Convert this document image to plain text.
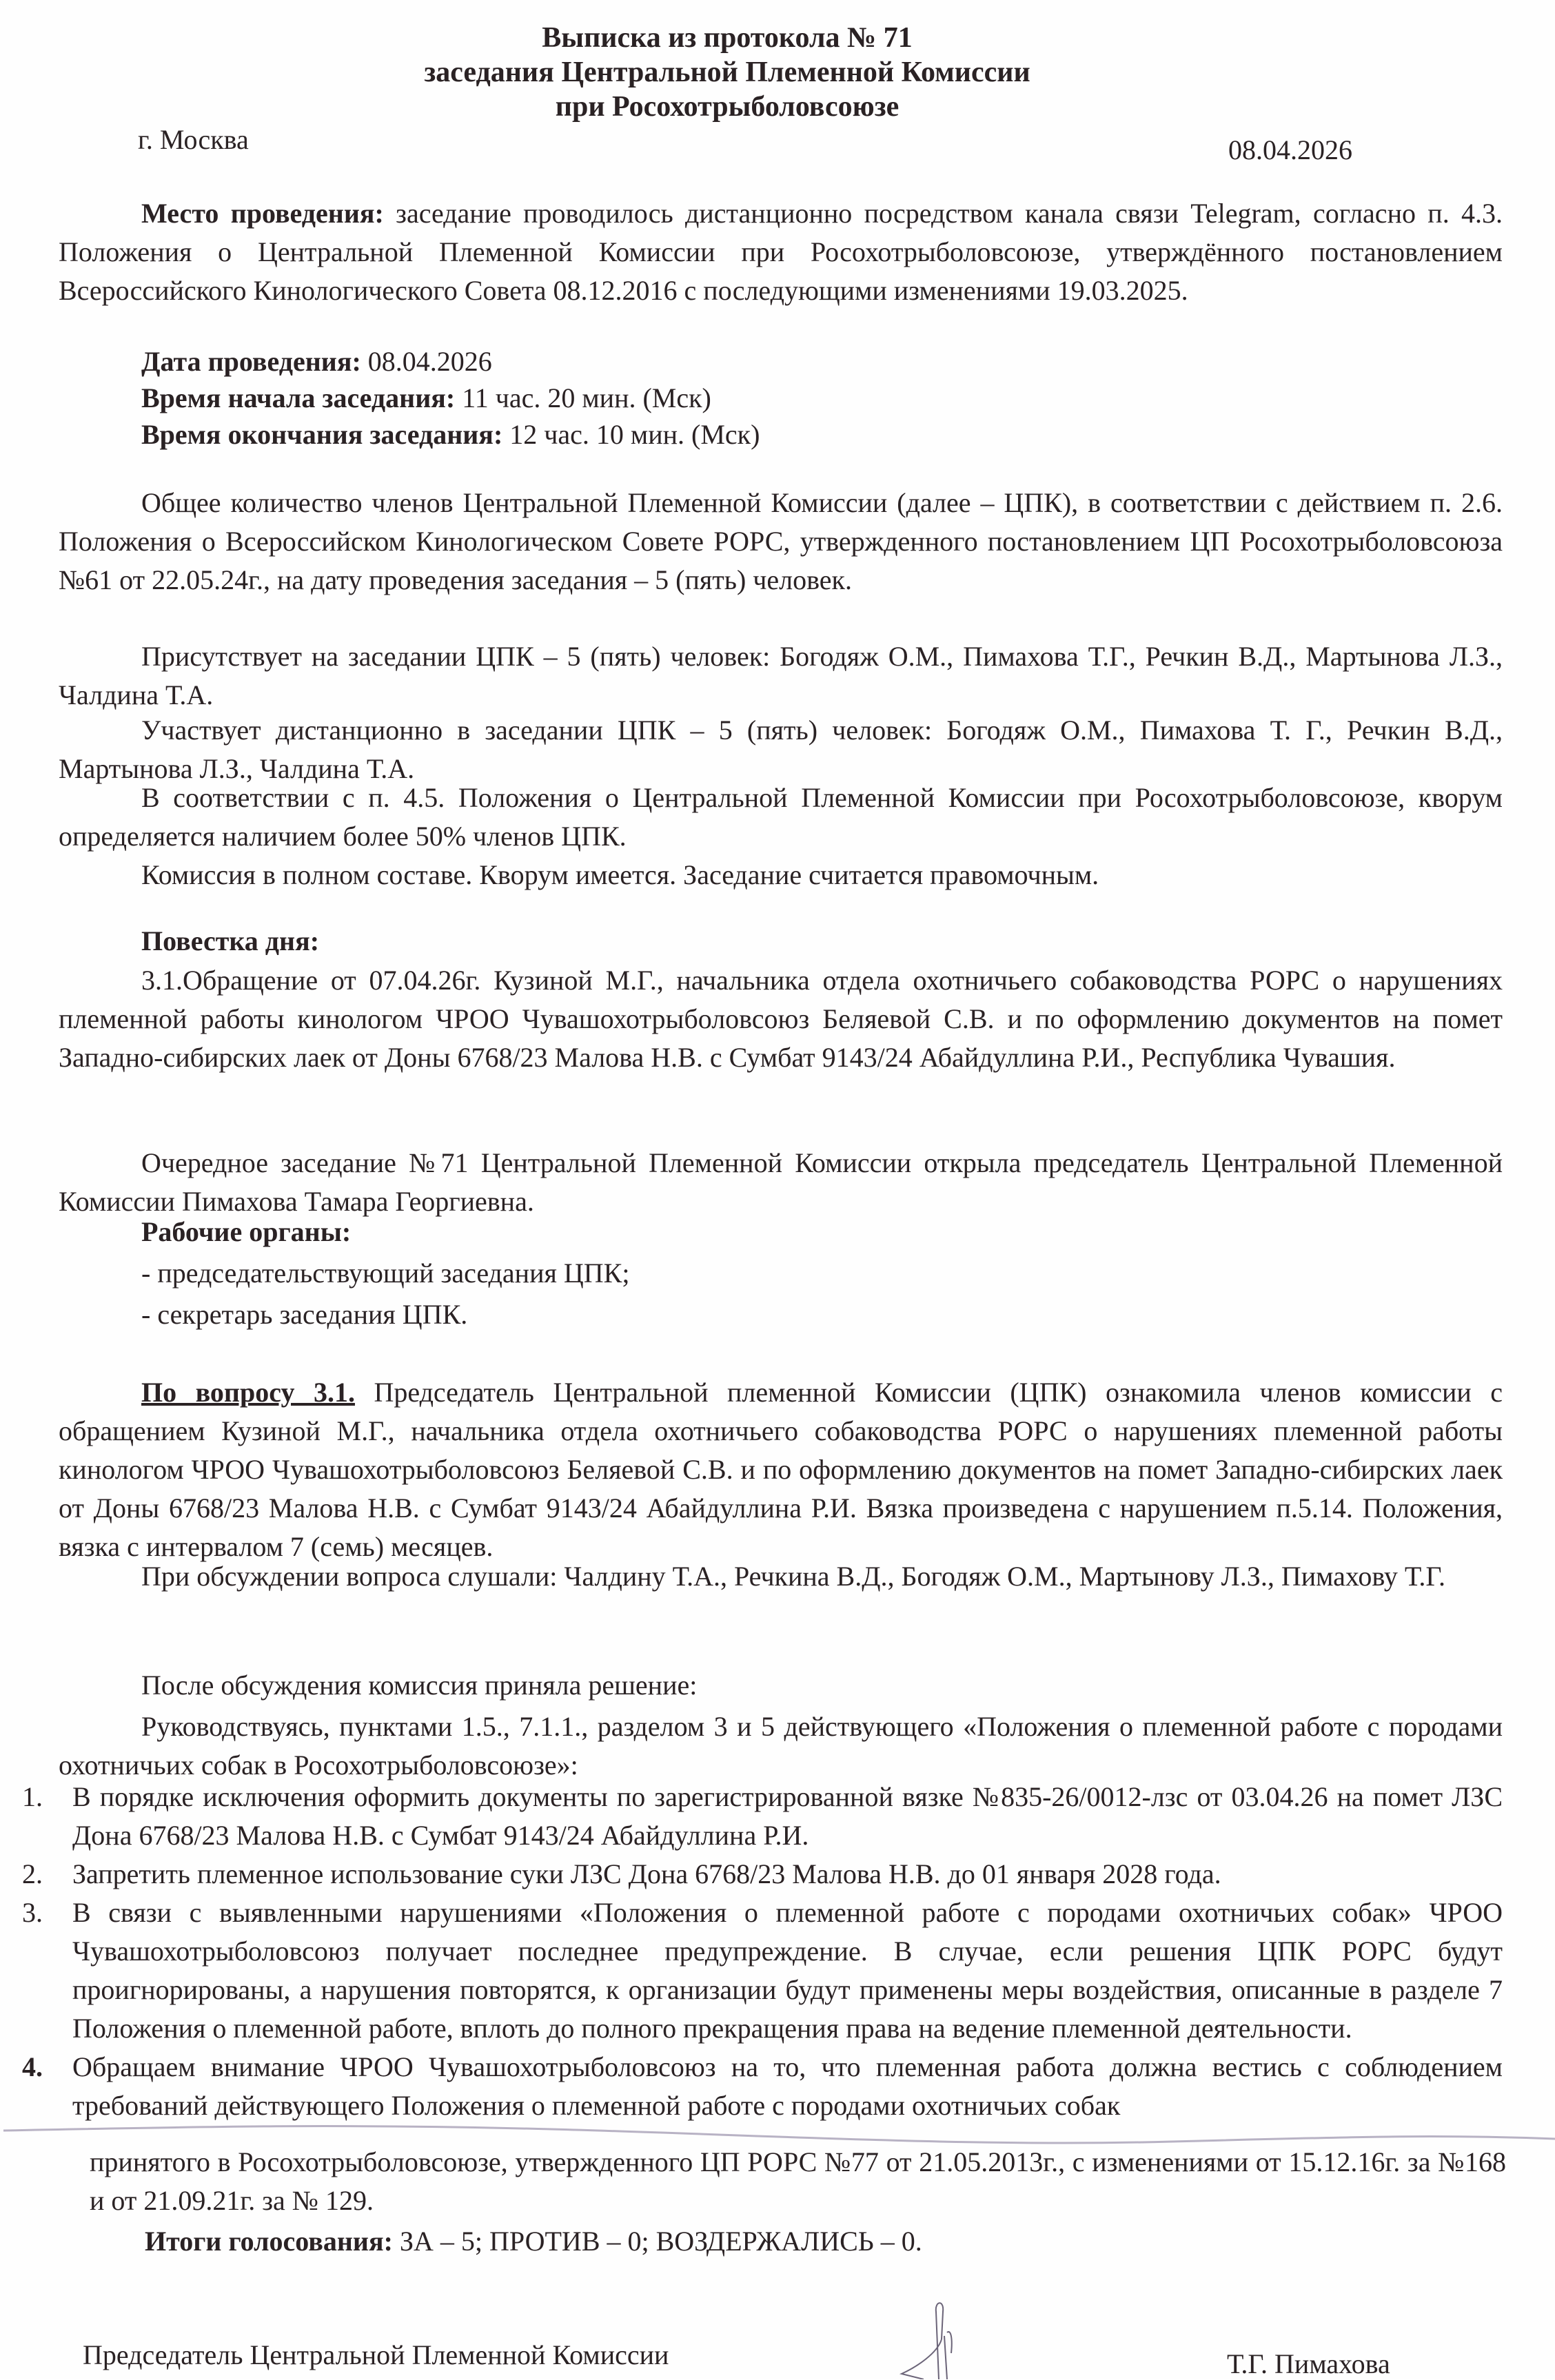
Выписка из протокола № 71
заседания Центральной Племенной Комиссии
при Росохотрыболовсоюзе
г. Москва	08.04.2026
Место проведения: заседание проводилось дистанционно посредством канала связи Telegram, согласно п. 4.3. Положения о Центральной Племенной Комиссии при Росохотрыболовсоюзе, утверждённого постановлением Всероссийского Кинологического Совета 08.12.2016 с последующими изменениями 19.03.2025.
Дата проведения: 08.04.2026
Время начала заседания: 11 час. 20 мин. (Мск)
Время окончания заседания: 12 час. 10 мин. (Мск)
Общее количество членов Центральной Племенной Комиссии (далее – ЦПК), в соответствии с действием п. 2.6. Положения о Всероссийском Кинологическом Совете РОРС, утвержденного постановлением ЦП Росохотрыболовсоюза №61 от 22.05.24г., на дату проведения заседания – 5 (пять) человек.
Присутствует на заседании ЦПК – 5 (пять) человек: Богодяж О.М., Пимахова Т.Г., Речкин В.Д., Мартынова Л.З., Чалдина Т.А.
Участвует дистанционно в заседании ЦПК – 5 (пять) человек: Богодяж О.М., Пимахова Т. Г., Речкин В.Д., Мартынова Л.З., Чалдина Т.А.
В соответствии с п. 4.5. Положения о Центральной Племенной Комиссии при Росохотрыболовсоюзе, кворум определяется наличием более 50% членов ЦПК.
Комиссия в полном составе. Кворум имеется. Заседание считается правомочным.
Повестка дня:
3.1.Обращение от 07.04.26г. Кузиной М.Г., начальника отдела охотничьего собаководства РОРС о нарушениях племенной работы кинологом ЧРОО Чувашохотрыболовсоюз Беляевой С.В. и по оформлению документов на помет Западно-сибирских лаек от Доны 6768/23 Малова Н.В. с Сумбат 9143/24 Абайдуллина Р.И., Республика Чувашия.
Очередное заседание №71 Центральной Племенной Комиссии открыла председатель Центральной Племенной Комиссии Пимахова Тамара Георгиевна.
Рабочие органы:
- председательствующий заседания ЦПК;
- секретарь заседания ЦПК.
По вопросу 3.1. Председатель Центральной племенной Комиссии (ЦПК) ознакомила членов комиссии с обращением Кузиной М.Г., начальника отдела охотничьего собаководства РОРС о нарушениях племенной работы кинологом ЧРОО Чувашохотрыболовсоюз Беляевой С.В. и по оформлению документов на помет Западно-сибирских лаек от Доны 6768/23 Малова Н.В. с Сумбат 9143/24 Абайдуллина Р.И. Вязка произведена с нарушением п.5.14. Положения, вязка с интервалом 7 (семь) месяцев.
При обсуждении вопроса слушали: Чалдину Т.А., Речкина В.Д., Богодяж О.М., Мартынову Л.З., Пимахову Т.Г.
После обсуждения комиссия приняла решение:
Руководствуясь, пунктами 1.5., 7.1.1., разделом 3 и 5 действующего «Положения о племенной работе с породами охотничьих собак в Росохотрыболовсоюзе»:
1. В порядке исключения оформить документы по зарегистрированной вязке №835-26/0012-лзс от 03.04.26 на помет ЛЗС Дона 6768/23 Малова Н.В. с Сумбат 9143/24 Абайдуллина Р.И.
2. Запретить племенное использование суки ЛЗС Дона 6768/23 Малова Н.В. до 01 января 2028 года.
3. В связи с выявленными нарушениями «Положения о племенной работе с породами охотничьих собак» ЧРОО Чувашохотрыболовсоюз получает последнее предупреждение. В случае, если решения ЦПК РОРС будут проигнорированы, а нарушения повторятся, к организации будут применены меры воздействия, описанные в разделе 7 Положения о племенной работе, вплоть до полного прекращения права на ведение племенной деятельности.
4. Обращаем внимание ЧРОО Чувашохотрыболовсоюз на то, что племенная работа должна вестись с соблюдением требований действующего Положения о племенной работе с породами охотничьих собак
принятого в Росохотрыболовсоюзе, утвержденного ЦП РОРС №77 от 21.05.2013г., с изменениями от 15.12.16г. за №168 и от 21.09.21г. за № 129.
Итоги голосования: ЗА – 5; ПРОТИВ – 0; ВОЗДЕРЖАЛИСЬ – 0.
Председатель Центральной Племенной Комиссии	Т.Г. Пимахова
